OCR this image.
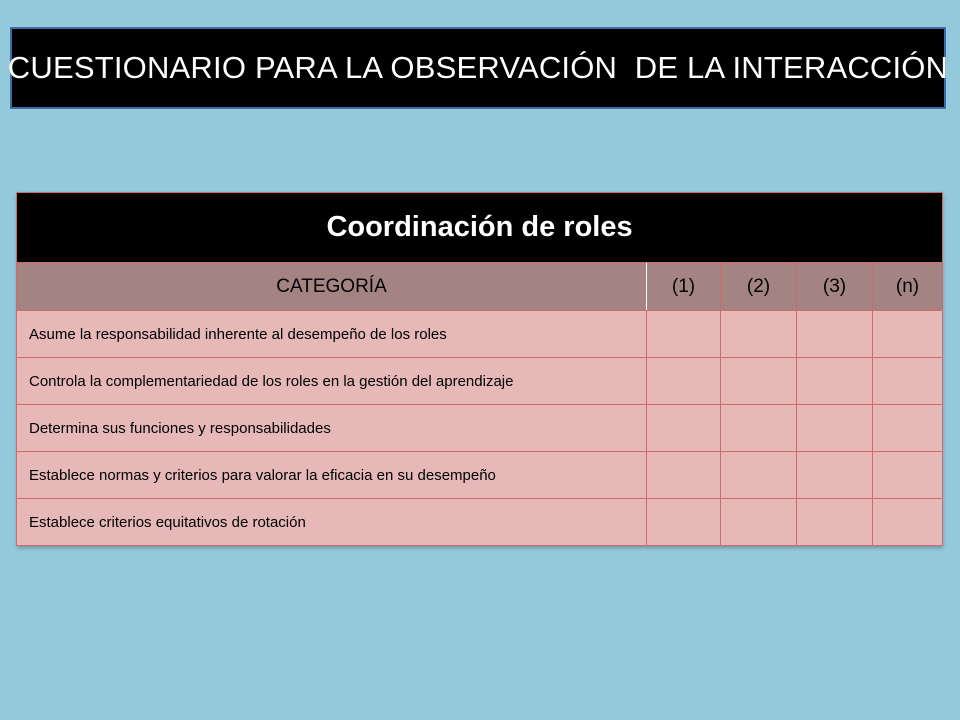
CUESTIONARIO PARA LA OBSERVACIÓN  DE LA INTERACCIÓN
Coordinación de roles				
CATEGORÍA	(1)	(2)	(3)	(n)
Asume la responsabilidad inherente al desempeño de los roles				
Controla la complementariedad de los roles en la gestión del aprendizaje				
Determina sus funciones y responsabilidades				
Establece normas y criterios para valorar la eficacia en su desempeño				
Establece criterios equitativos de rotación				
